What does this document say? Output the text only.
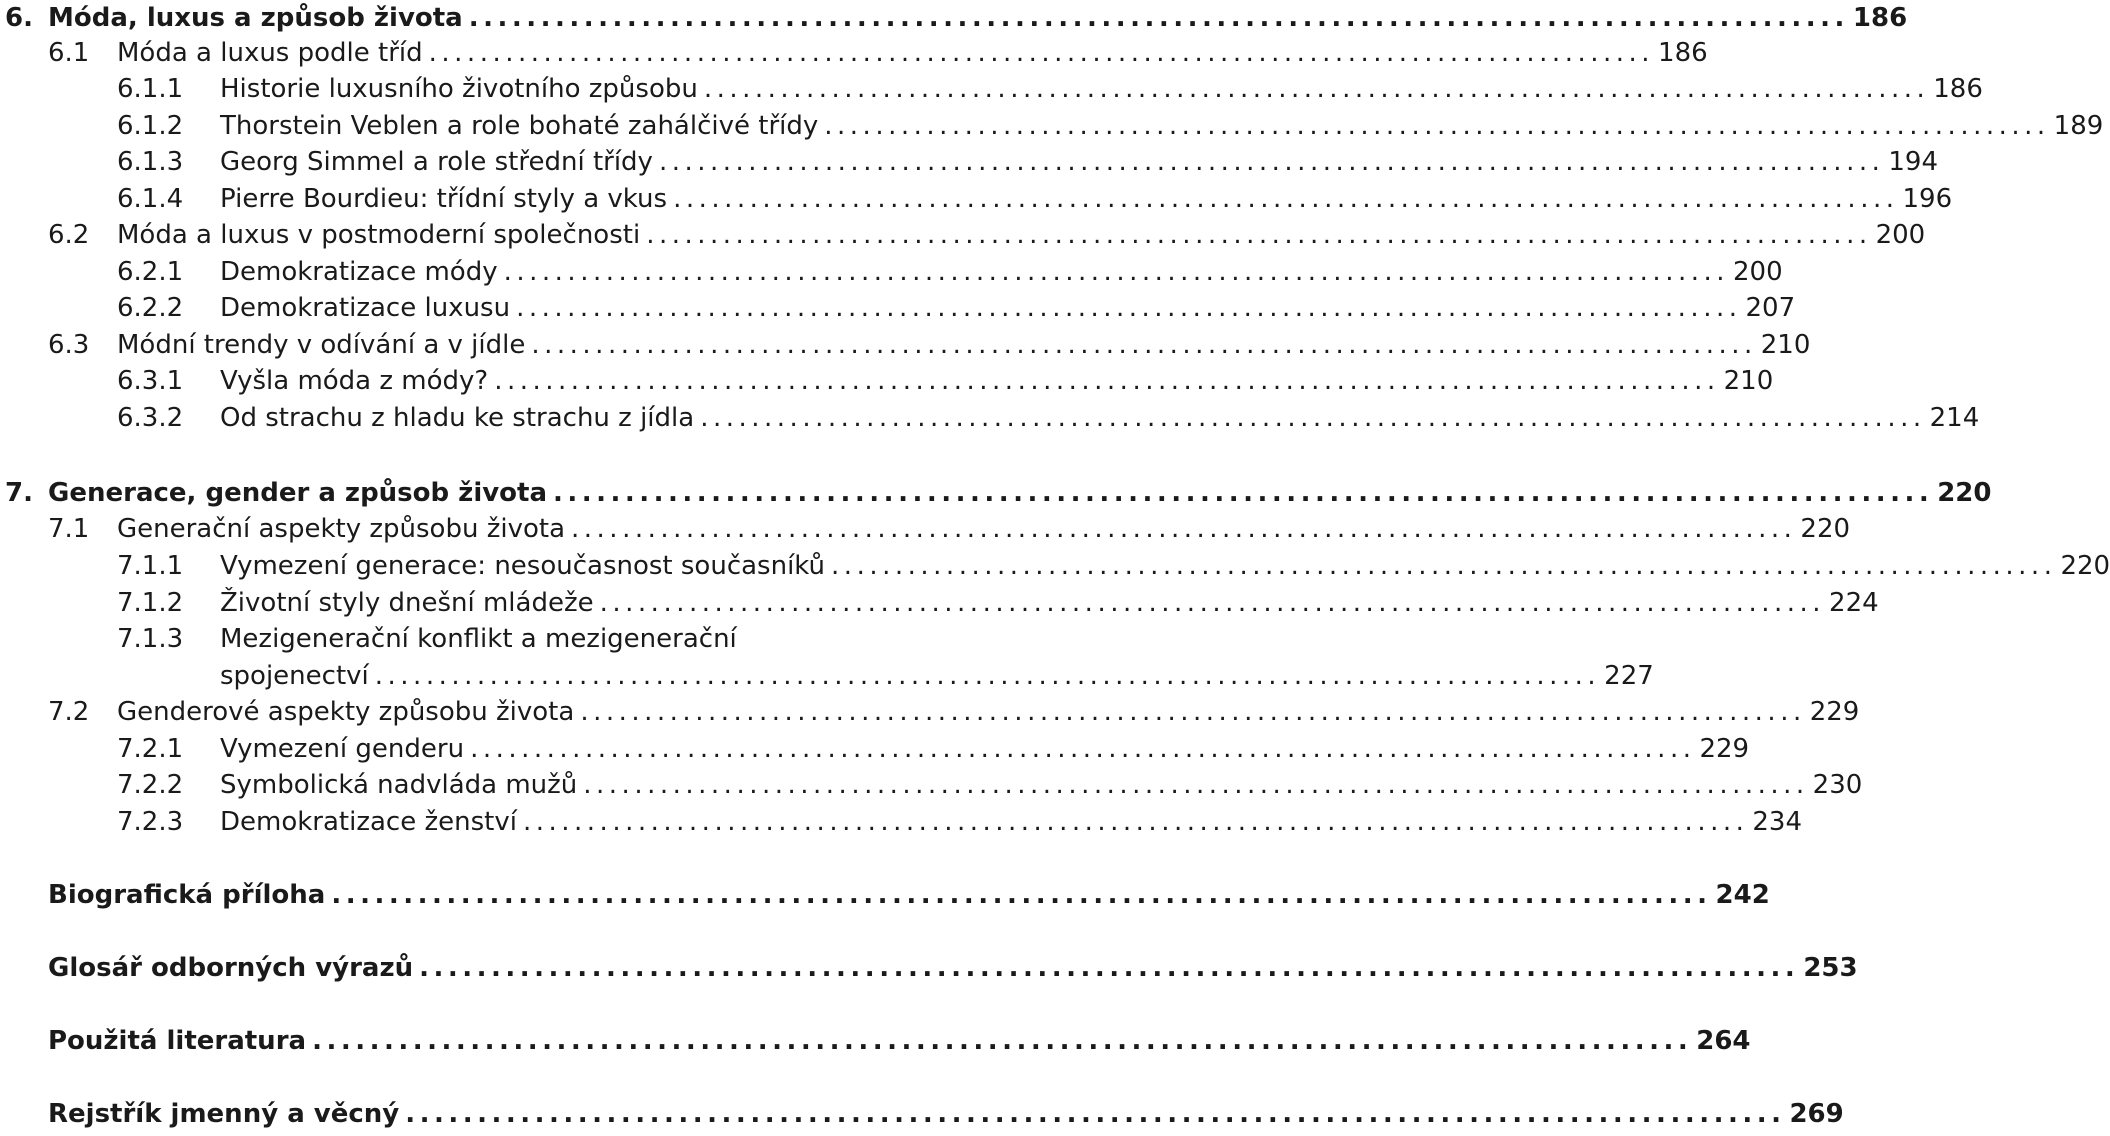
6. Móda, luxus a způsob života ................................................................................................ 186
6.1 Móda a luxus podle tříd ................................................................................................ 186
6.1.1 Historie luxusního životního způsobu ................................................................................................ 186
6.1.2 Thorstein Veblen a role bohaté zahálčivé třídy ................................................................................................ 189
6.1.3 Georg Simmel a role střední třídy ................................................................................................ 194
6.1.4 Pierre Bourdieu: třídní styly a vkus ................................................................................................ 196
6.2 Móda a luxus v postmoderní společnosti ................................................................................................ 200
6.2.1 Demokratizace módy ................................................................................................ 200
6.2.2 Demokratizace luxusu ................................................................................................ 207
6.3 Módní trendy v odívání a v jídle ................................................................................................ 210
6.3.1 Vyšla móda z módy? ................................................................................................ 210
6.3.2 Od strachu z hladu ke strachu z jídla ................................................................................................ 214
7. Generace, gender a způsob života ................................................................................................ 220
7.1 Generační aspekty způsobu života ................................................................................................ 220
7.1.1 Vymezení generace: nesoučasnost současníků ................................................................................................ 220
7.1.2 Životní styly dnešní mládeže ................................................................................................ 224
7.1.3 Mezigenerační konflikt a mezigenerační
spojenectví ................................................................................................ 227
7.2 Genderové aspekty způsobu života ................................................................................................ 229
7.2.1 Vymezení genderu ................................................................................................ 229
7.2.2 Symbolická nadvláda mužů ................................................................................................ 230
7.2.3 Demokratizace ženství ................................................................................................ 234
Biografická příloha ................................................................................................ 242
Glosář odborných výrazů ................................................................................................ 253
Použitá literatura ................................................................................................ 264
Rejstřík jmenný a věcný ................................................................................................ 269
